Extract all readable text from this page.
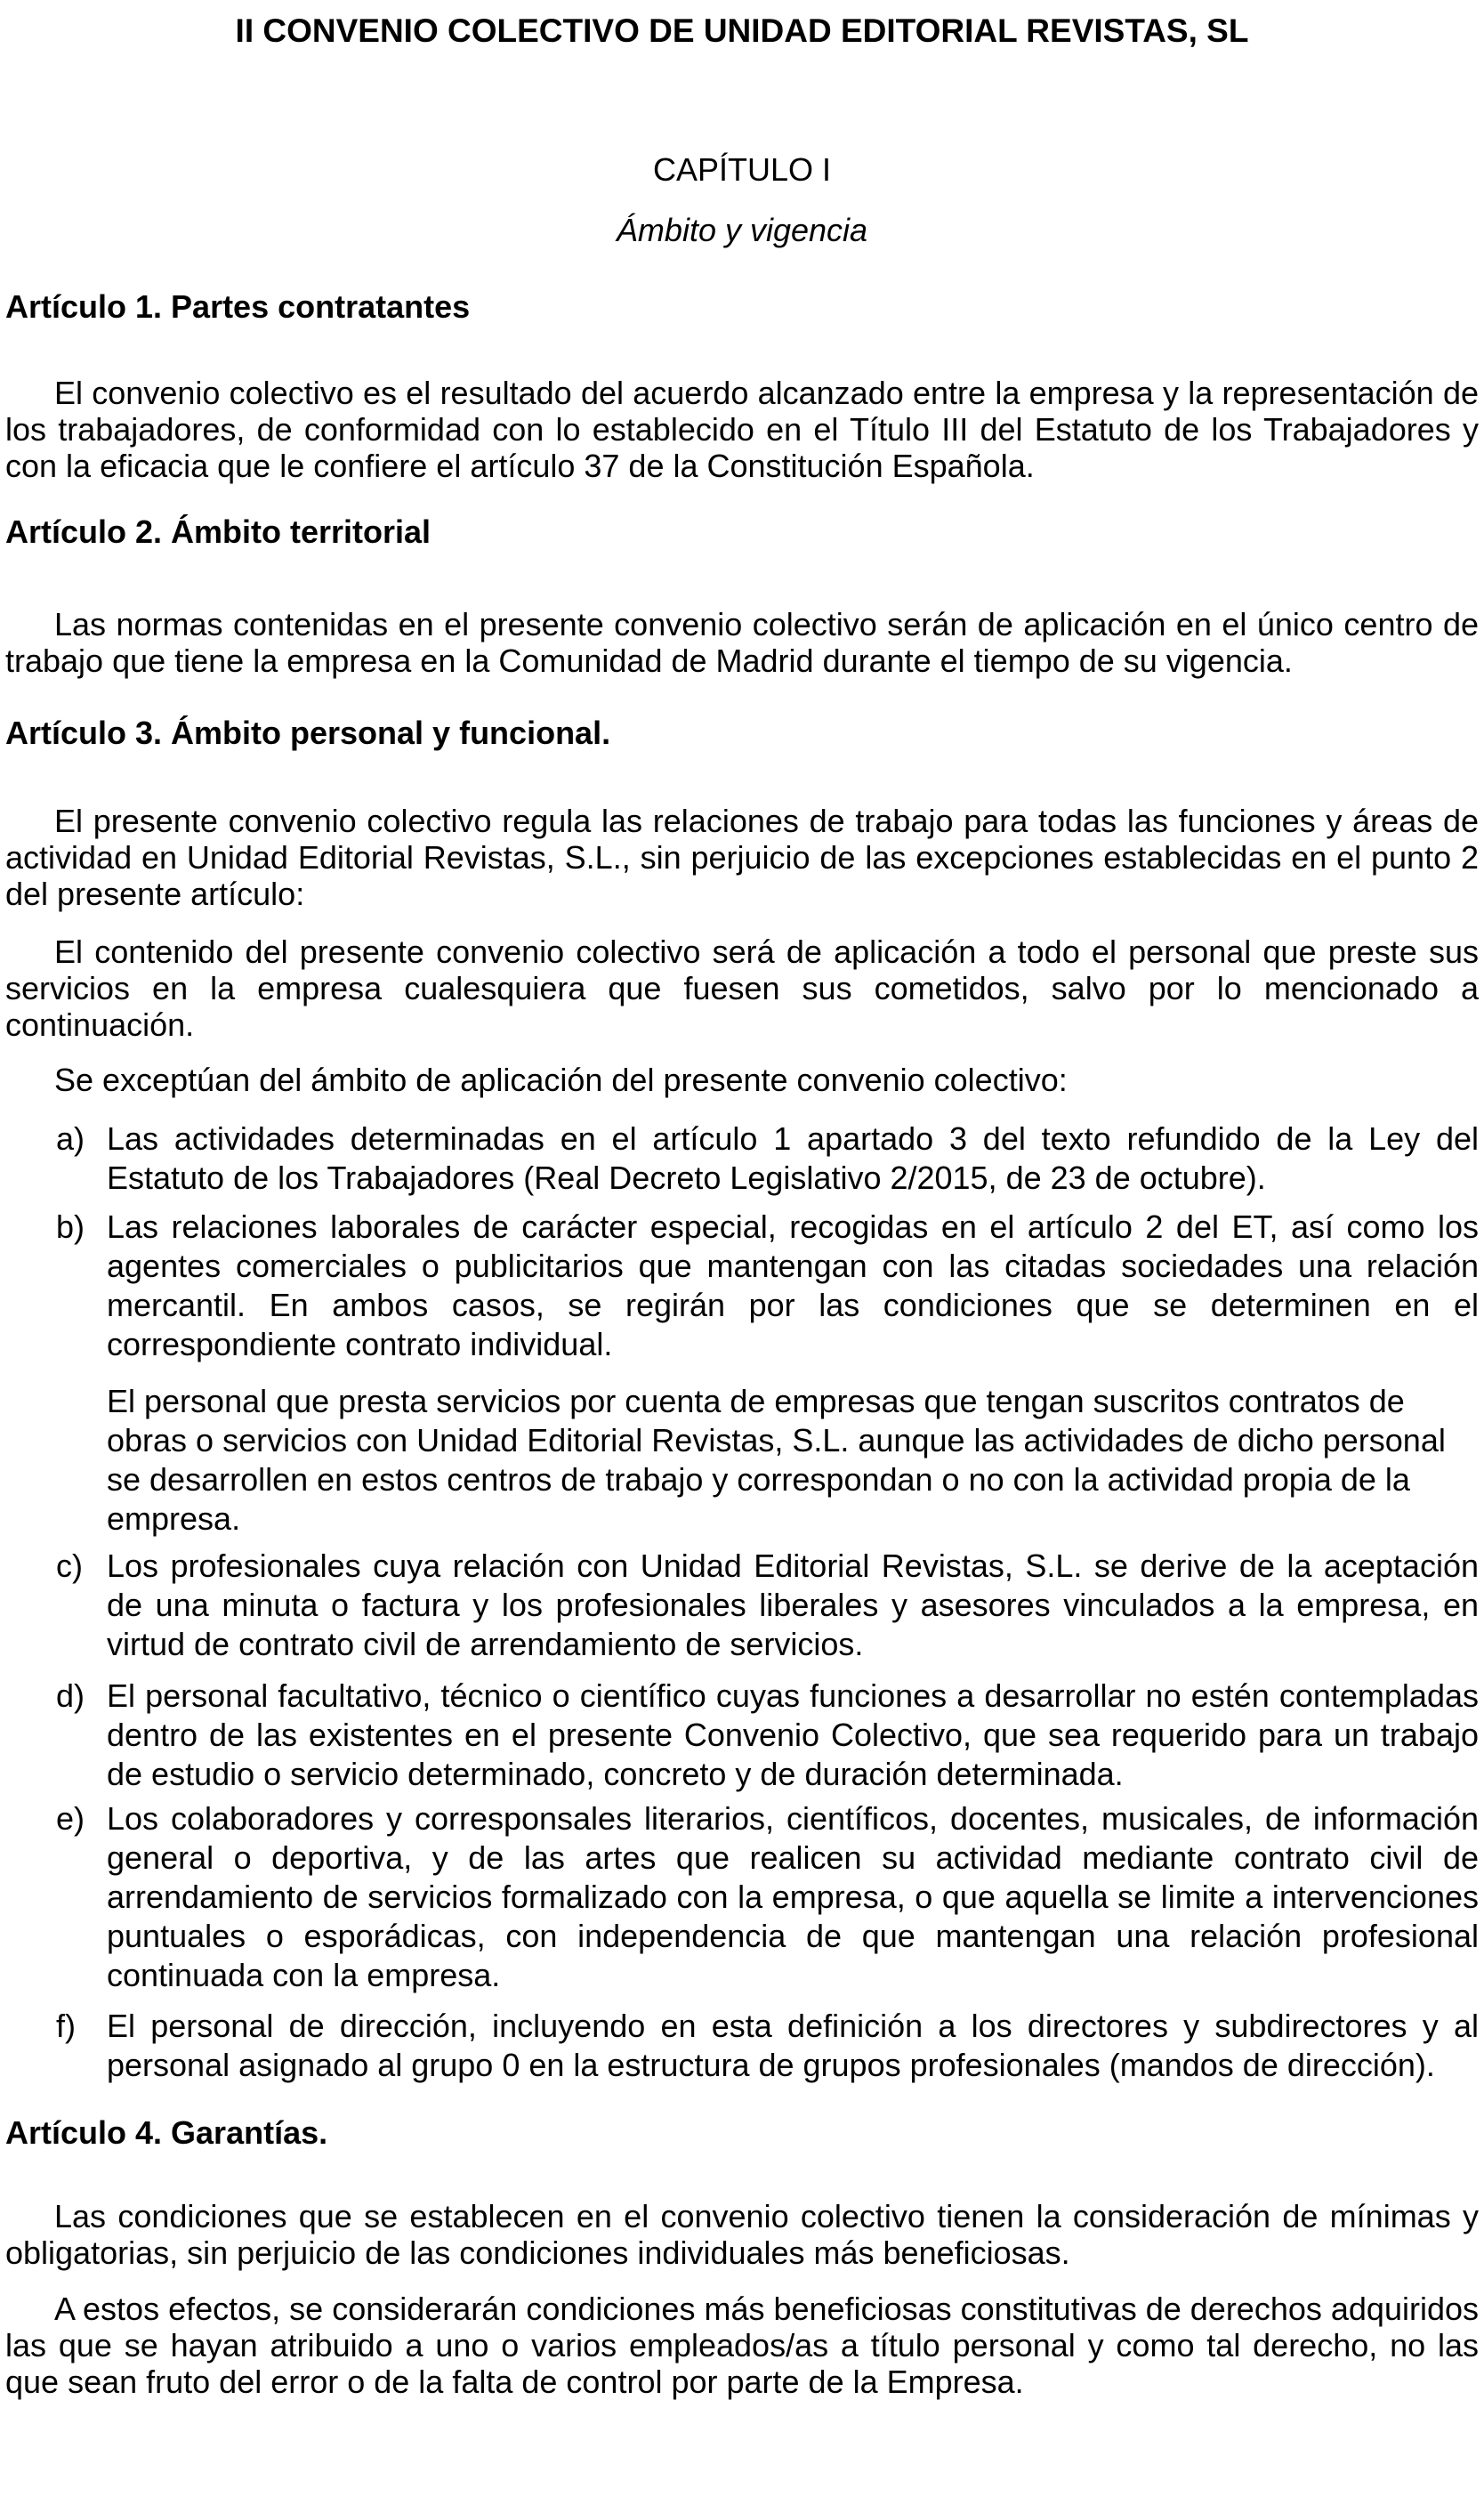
II CONVENIO COLECTIVO DE UNIDAD EDITORIAL REVISTAS, SL
CAPÍTULO I
Ámbito y vigencia
Artículo 1. Partes contratantes
El convenio colectivo es el resultado del acuerdo alcanzado entre la empresa y la representación de los trabajadores, de conformidad con lo establecido en el Título III del Estatuto de los Trabajadores y con la eficacia que le confiere el artículo 37 de la Constitución Española.
Artículo 2. Ámbito territorial
Las normas contenidas en el presente convenio colectivo serán de aplicación en el único centro de trabajo que tiene la empresa en la Comunidad de Madrid durante el tiempo de su vigencia.
Artículo 3. Ámbito personal y funcional.
El presente convenio colectivo regula las relaciones de trabajo para todas las funciones y áreas de actividad en Unidad Editorial Revistas, S.L., sin perjuicio de las excepciones establecidas en el punto 2 del presente artículo:
El contenido del presente convenio colectivo será de aplicación a todo el personal que preste sus servicios en la empresa cualesquiera que fuesen sus cometidos, salvo por lo mencionado a continuación.
Se exceptúan del ámbito de aplicación del presente convenio colectivo:
a) Las actividades determinadas en el artículo 1 apartado 3 del texto refundido de la Ley del Estatuto de los Trabajadores (Real Decreto Legislativo 2/2015, de 23 de octubre).
b) Las relaciones laborales de carácter especial, recogidas en el artículo 2 del ET, así como los agentes comerciales o publicitarios que mantengan con las citadas sociedades una relación mercantil. En ambos casos, se regirán por las condiciones que se determinen en el correspondiente contrato individual.
El personal que presta servicios por cuenta de empresas que tengan suscritos contratos de obras o servicios con Unidad Editorial Revistas, S.L. aunque las actividades de dicho personal se desarrollen en estos centros de trabajo y correspondan o no con la actividad propia de la empresa.
c) Los profesionales cuya relación con Unidad Editorial Revistas, S.L. se derive de la aceptación de una minuta o factura y los profesionales liberales y asesores vinculados a la empresa, en virtud de contrato civil de arrendamiento de servicios.
d) El personal facultativo, técnico o científico cuyas funciones a desarrollar no estén contempladas dentro de las existentes en el presente Convenio Colectivo, que sea requerido para un trabajo de estudio o servicio determinado, concreto y de duración determinada.
e) Los colaboradores y corresponsales literarios, científicos, docentes, musicales, de información general o deportiva, y de las artes que realicen su actividad mediante contrato civil de arrendamiento de servicios formalizado con la empresa, o que aquella se limite a intervenciones puntuales o esporádicas, con independencia de que mantengan una relación profesional continuada con la empresa.
f) El personal de dirección, incluyendo en esta definición a los directores y subdirectores y al personal asignado al grupo 0 en la estructura de grupos profesionales (mandos de dirección).
Artículo 4. Garantías.
Las condiciones que se establecen en el convenio colectivo tienen la consideración de mínimas y obligatorias, sin perjuicio de las condiciones individuales más beneficiosas.
A estos efectos, se considerarán condiciones más beneficiosas constitutivas de derechos adquiridos las que se hayan atribuido a uno o varios empleados/as a título personal y como tal derecho, no las que sean fruto del error o de la falta de control por parte de la Empresa.
